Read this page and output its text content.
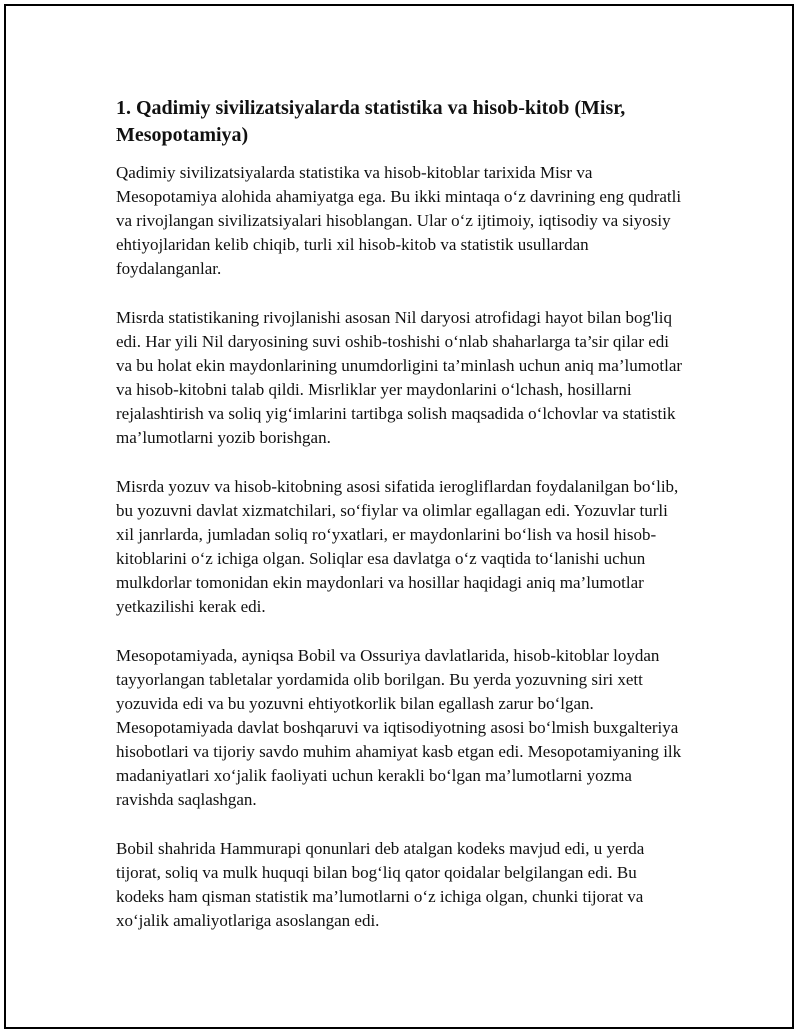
1. Qadimiy sivilizatsiyalarda statistika va hisob-kitob (Misr, Mesopotamiya)

Qadimiy sivilizatsiyalarda statistika va hisob-kitoblar tarixida Misr va Mesopotamiya alohida ahamiyatga ega. Bu ikki mintaqa o‘z davrining eng qudratli va rivojlangan sivilizatsiyalari hisoblangan. Ular o‘z ijtimoiy, iqtisodiy va siyosiy ehtiyojlaridan kelib chiqib, turli xil hisob-kitob va statistik usullardan foydalanganlar.

Misrda statistikaning rivojlanishi asosan Nil daryosi atrofidagi hayot bilan bog'liq edi. Har yili Nil daryosining suvi oshib-toshishi o‘nlab shaharlarga ta’sir qilar edi va bu holat ekin maydonlarining unumdorligini ta’minlash uchun aniq ma’lumotlar va hisob-kitobni talab qildi. Misrliklar yer maydonlarini o‘lchash, hosillarni rejalashtirish va soliq yig‘imlarini tartibga solish maqsadida o‘lchovlar va statistik ma’lumotlarni yozib borishgan.

Misrda yozuv va hisob-kitobning asosi sifatida ierogliflardan foydalanilgan bo‘lib, bu yozuvni davlat xizmatchilari, so‘fiylar va olimlar egallagan edi. Yozuvlar turli xil janrlarda, jumladan soliq ro‘yxatlari, er maydonlarini bo‘lish va hosil hisob-kitoblarini o‘z ichiga olgan. Soliqlar esa davlatga o‘z vaqtida to‘lanishi uchun mulkdorlar tomonidan ekin maydonlari va hosillar haqidagi aniq ma’lumotlar yetkazilishi kerak edi.

Mesopotamiyada, ayniqsa Bobil va Ossuriya davlatlarida, hisob-kitoblar loydan tayyorlangan tabletalar yordamida olib borilgan. Bu yerda yozuvning siri xett yozuvida edi va bu yozuvni ehtiyotkorlik bilan egallash zarur bo‘lgan. Mesopotamiyada davlat boshqaruvi va iqtisodiyotning asosi bo‘lmish buxgalteriya hisobotlari va tijoriy savdo muhim ahamiyat kasb etgan edi. Mesopotamiyaning ilk madaniyatlari xo‘jalik faoliyati uchun kerakli bo‘lgan ma’lumotlarni yozma ravishda saqlashgan.

Bobil shahrida Hammurapi qonunlari deb atalgan kodeks mavjud edi, u yerda tijorat, soliq va mulk huquqi bilan bog‘liq qator qoidalar belgilangan edi. Bu kodeks ham qisman statistik ma’lumotlarni o‘z ichiga olgan, chunki tijorat va xo‘jalik amaliyotlariga asoslangan edi.
